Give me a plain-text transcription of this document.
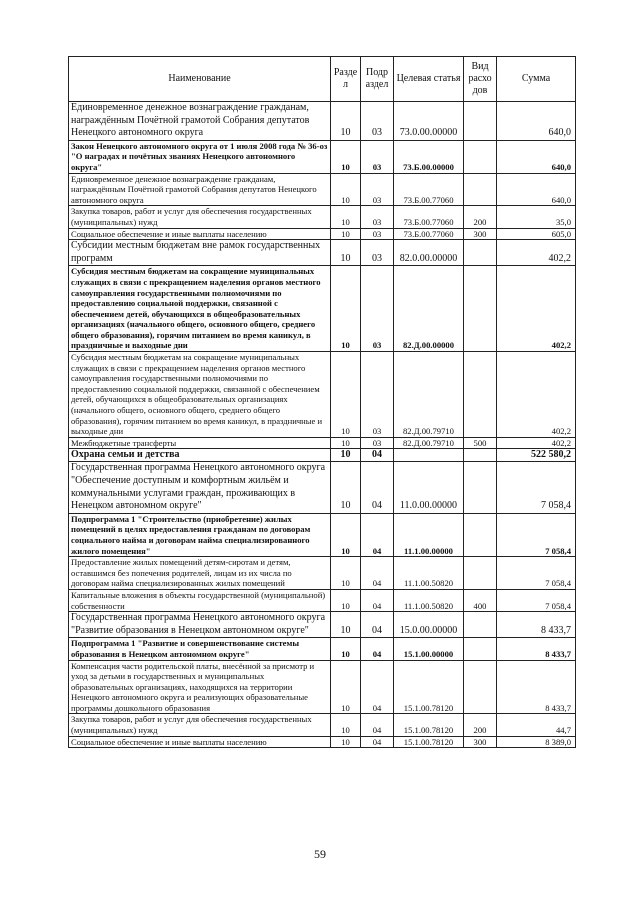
Наименование	Разде л	Подр аздел	Целевая статья	Вид расхо дов	Сумма
Единовременное денежное вознаграждение гражданам, награждённым Почётной грамотой Собрания депутатов Ненецкого автономного округа	10	03	73.0.00.00000		640,0
Закон Ненецкого автономного округа от 1 июля 2008 года № 36-оз "О наградах и почётных званиях Ненецкого автономного округа"	10	03	73.Б.00.00000		640,0
Единовременное денежное вознаграждение гражданам, награждённым Почётной грамотой Собрания депутатов Ненецкого автономного округа	10	03	73.Б.00.77060		640,0
Закупка товаров, работ и услуг для обеспечения государственных (муниципальных) нужд	10	03	73.Б.00.77060	200	35,0
Социальное обеспечение и иные выплаты населению	10	03	73.Б.00.77060	300	605,0
Субсидии местным бюджетам вне рамок государственных программ	10	03	82.0.00.00000		402,2
Субсидия местным бюджетам на сокращение муниципальных служащих в связи с прекращением наделения органов местного самоуправления государственными полномочиями по предоставлению социальной поддержки, связанной с обеспечением детей, обучающихся в общеобразовательных организациях (начального общего, основного общего, среднего общего образования), горячим питанием во время каникул, в праздничные и выходные дни	10	03	82.Д.00.00000		402,2
Субсидия местным бюджетам на сокращение муниципальных служащих в связи с прекращением наделения органов местного самоуправления государственными полномочиями по предоставлению социальной поддержки, связанной с обеспечением детей, обучающихся в общеобразовательных организациях (начального общего, основного общего, среднего общего образования), горячим питанием во время каникул, в праздничные и выходные дни	10	03	82.Д.00.79710		402,2
Межбюджетные трансферты	10	03	82.Д.00.79710	500	402,2
Охрана семьи и детства	10	04			522 580,2
Государственная программа Ненецкого автономного округа "Обеспечение доступным и комфортным жильём и коммунальными услугами граждан, проживающих в Ненецком автономном округе"	10	04	11.0.00.00000		7 058,4
Подпрограмма 1 "Строительство (приобретение) жилых помещений в целях предоставления гражданам по договорам социального найма и договорам найма специализированного жилого помещения"	10	04	11.1.00.00000		7 058,4
Предоставление жилых помещений детям-сиротам и детям, оставшимся без попечения родителей, лицам из их числа по договорам найма специализированных жилых помещений	10	04	11.1.00.50820		7 058,4
Капитальные вложения в объекты государственной (муниципальной) собственности	10	04	11.1.00.50820	400	7 058,4
Государственная программа Ненецкого автономного округа "Развитие образования в Ненецком автономном округе"	10	04	15.0.00.00000		8 433,7
Подпрограмма 1 "Развитие и совершенствование системы образования в Ненецком автономном округе"	10	04	15.1.00.00000		8 433,7
Компенсация части родительской платы, внесённой за присмотр и уход за детьми в государственных и муниципальных образовательных организациях, находящихся на территории Ненецкого автономного округа и реализующих образовательные программы дошкольного образования	10	04	15.1.00.78120		8 433,7
Закупка товаров, работ и услуг для обеспечения государственных (муниципальных) нужд	10	04	15.1.00.78120	200	44,7
Социальное обеспечение и иные выплаты населению	10	04	15.1.00.78120	300	8 389,0
59
